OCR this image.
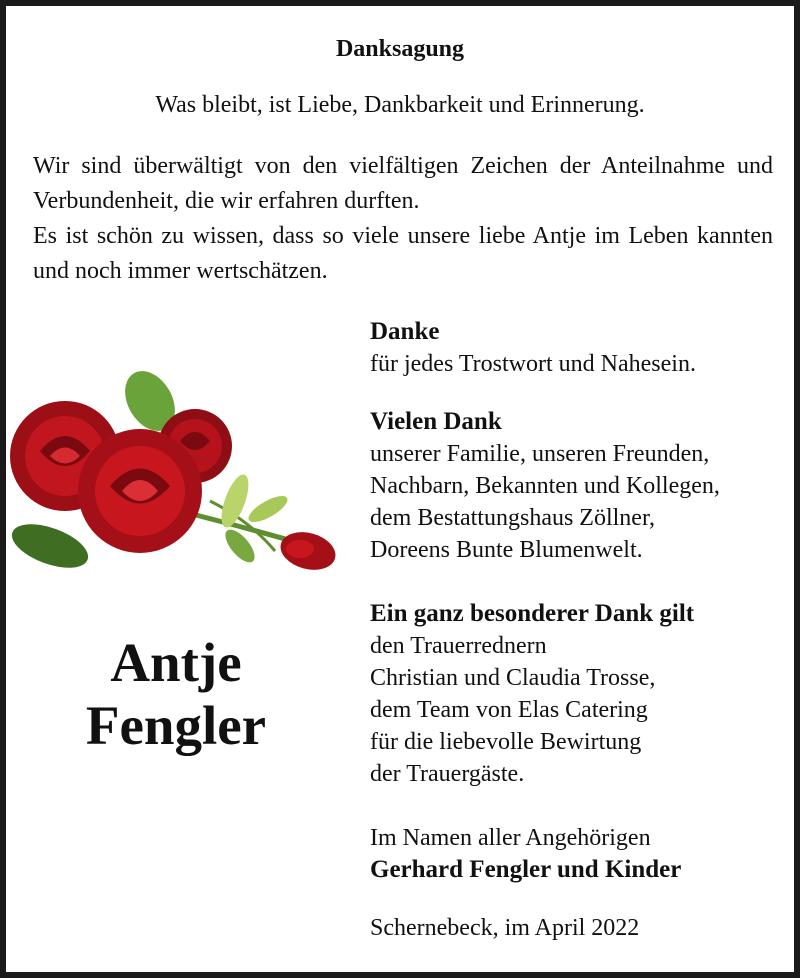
Danksagung
Was bleibt, ist Liebe, Dankbarkeit und Erinnerung.

Wir sind überwältigt von den vielfältigen Zeichen der Anteilnahme und Verbundenheit, die wir erfahren durften.

Es ist schön zu wissen, dass so viele unsere liebe Antje im Leben kannten und noch immer wertschätzen.

Antje
Fengler
Danke
für jedes Trostwort und Nahesein.
Vielen Dank
unserer Familie, unseren Freunden,
Nachbarn, Bekannten und Kollegen,
dem Bestattungshaus Zöllner,
Doreens Bunte Blumenwelt.
Ein ganz besonderer Dank gilt
den Trauerrednern
Christian und Claudia Trosse,
dem Team von Elas Catering
für die liebevolle Bewirtung
der Trauergäste.
Im Namen aller Angehörigen
Gerhard Fengler und Kinder
Schernebeck, im April 2022
